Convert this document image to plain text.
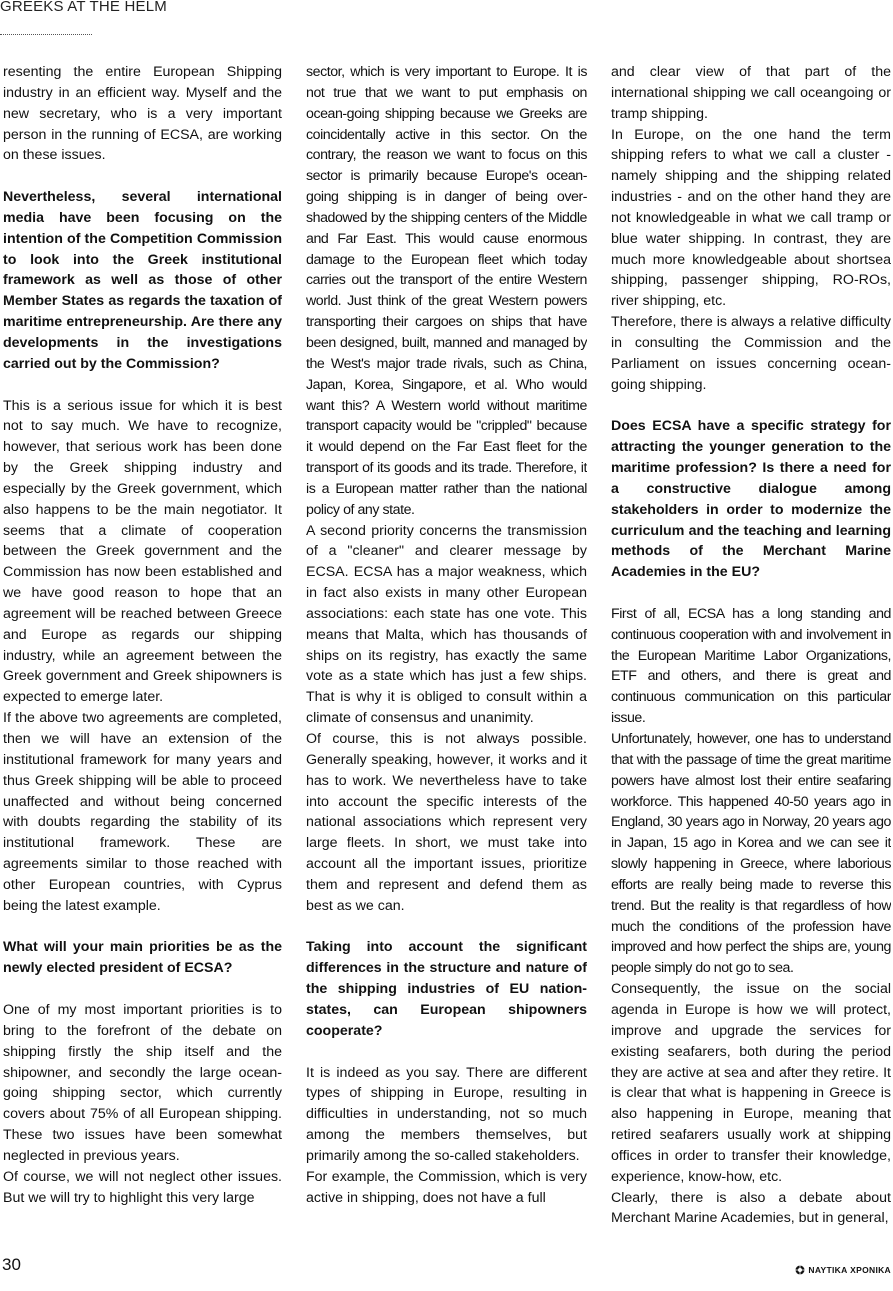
GREEKS AT THE HELM

resenting the entire European Shipping industry in an efficient way. Myself and the new secretary, who is a very important person in the running of ECSA, are working on these issues.

Nevertheless, several international media have been focusing on the intention of the Competition Commission to look into the Greek institutional framework as well as those of other Member States as regards the taxation of maritime entrepreneurship. Are there any developments in the investigations carried out by the Commission?

This is a serious issue for which it is best not to say much. We have to recognize, however, that serious work has been done by the Greek shipping industry and especially by the Greek government, which also happens to be the main negotiator. It seems that a climate of cooperation between the Greek government and the Commission has now been established and we have good reason to hope that an agreement will be reached between Greece and Europe as regards our shipping industry, while an agreement between the Greek government and Greek shipowners is expected to emerge later.

If the above two agreements are completed, then we will have an extension of the institutional framework for many years and thus Greek shipping will be able to proceed unaffected and without being concerned with doubts regarding the stability of its institutional framework. These are agreements similar to those reached with other European countries, with Cyprus being the latest example.

What will your main priorities be as the newly elected president of ECSA?

One of my most important priorities is to bring to the forefront of the debate on shipping firstly the ship itself and the shipowner, and secondly the large ocean-going shipping sector, which currently covers about 75% of all European shipping. These two issues have been somewhat neglected in previous years.

Of course, we will not neglect other issues. But we will try to highlight this very large

sector, which is very important to Europe. It is not true that we want to put emphasis on ocean-going shipping because we Greeks are coincidentally active in this sector. On the contrary, the reason we want to focus on this sector is primarily because Europe's ocean-going shipping is in danger of being over-shadowed by the shipping centers of the Middle and Far East. This would cause enormous damage to the European fleet which today carries out the transport of the entire Western world. Just think of the great Western powers transporting their cargoes on ships that have been designed, built, manned and managed by the West's major trade rivals, such as China, Japan, Korea, Singapore, et al. Who would want this? A Western world without maritime transport capacity would be "crippled" because it would depend on the Far East fleet for the transport of its goods and its trade. Therefore, it is a European matter rather than the national policy of any state.

A second priority concerns the transmission of a "cleaner" and clearer message by ECSA. ECSA has a major weakness, which in fact also exists in many other European associations: each state has one vote. This means that Malta, which has thousands of ships on its registry, has exactly the same vote as a state which has just a few ships. That is why it is obliged to consult within a climate of consensus and unanimity.

Of course, this is not always possible. Generally speaking, however, it works and it has to work. We nevertheless have to take into account the specific interests of the national associations which represent very large fleets. In short, we must take into account all the important issues, prioritize them and represent and defend them as best as we can.

Taking into account the significant differences in the structure and nature of the shipping industries of EU nation- states, can European shipowners cooperate?

It is indeed as you say. There are different types of shipping in Europe, resulting in difficulties in understanding, not so much among the members themselves, but primarily among the so-called stakeholders.

For example, the Commission, which is very active in shipping, does not have a full

and clear view of that part of the international shipping we call oceangoing or tramp shipping.

In Europe, on the one hand the term shipping refers to what we call a cluster - namely shipping and the shipping related industries - and on the other hand they are not knowledgeable in what we call tramp or blue water shipping. In contrast, they are much more knowledgeable about shortsea shipping, passenger shipping, RO-ROs, river shipping, etc.

Therefore, there is always a relative difficulty in consulting the Commission and the Parliament on issues concerning ocean-going shipping.

Does ECSA have a specific strategy for attracting the younger generation to the maritime profession? Is there a need for a constructive dialogue among stakeholders in order to modernize the curriculum and the teaching and learning methods of the Merchant Marine Academies in the EU?

First of all, ECSA has a long standing and continuous cooperation with and involvement in the European Maritime Labor Organizations, ETF and others, and there is great and continuous communication on this particular issue.

Unfortunately, however, one has to understand that with the passage of time the great maritime powers have almost lost their entire seafaring workforce. This happened 40-50 years ago in England, 30 years ago in Norway, 20 years ago in Japan, 15 ago in Korea and we can see it slowly happening in Greece, where laborious efforts are really being made to reverse this trend. But the reality is that regardless of how much the conditions of the profession have improved and how perfect the ships are, young people simply do not go to sea.

Consequently, the issue on the social agenda in Europe is how we will protect, improve and upgrade the services for existing seafarers, both during the period they are active at sea and after they retire. It is clear that what is happening in Greece is also happening in Europe, meaning that retired seafarers usually work at shipping offices in order to transfer their knowledge, experience, know-how, etc.

Clearly, there is also a debate about Merchant Marine Academies, but in general,

30	ΝΑΥΤΙΚΑ ΧΡΟΝΙΚΑ
